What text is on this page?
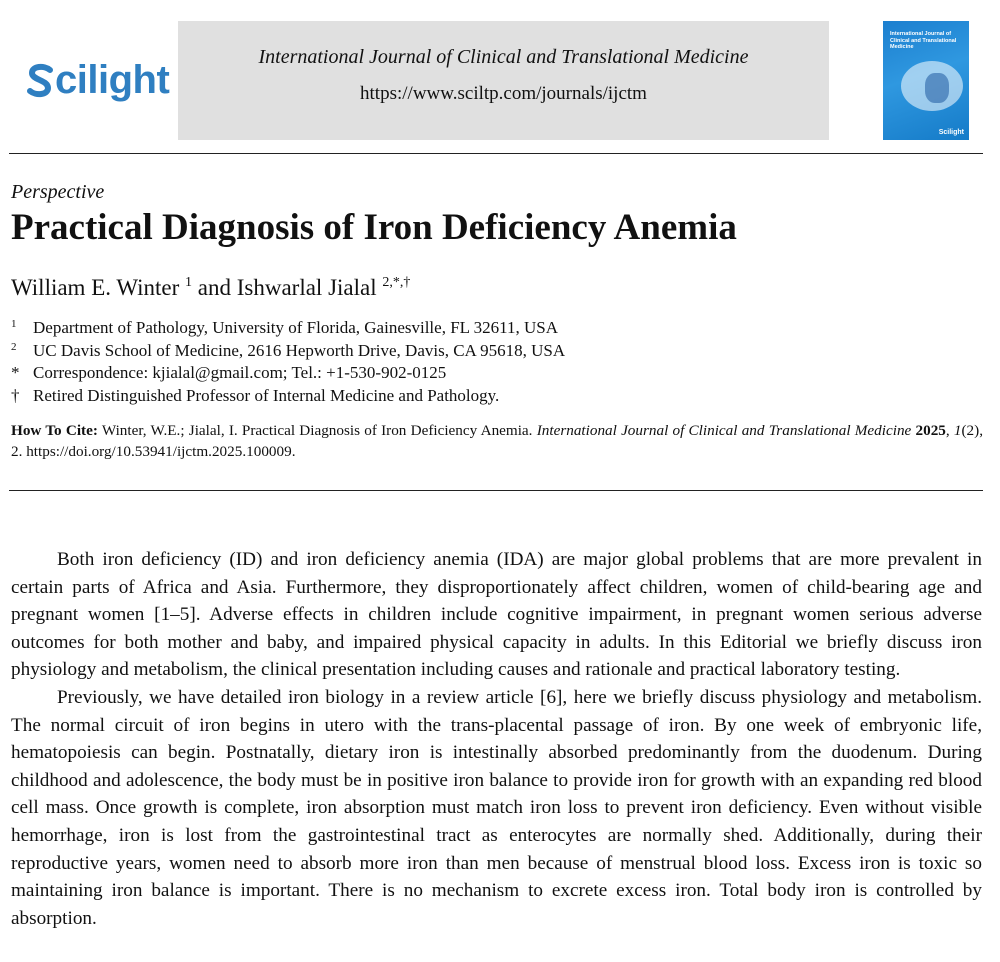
cilight
International Journal of Clinical and Translational Medicine
https://www.sciltp.com/journals/ijctm
International Journal of Clinical and Translational Medicine
Scilight
Perspective
Practical Diagnosis of Iron Deficiency Anemia
William E. Winter $^1$ and Ishwarlal Jialal $^{2,*,\dagger}$
1 Department of Pathology, University of Florida, Gainesville, FL 32611, USA
2 UC Davis School of Medicine, 2616 Hepworth Drive, Davis, CA 95618, USA
* Correspondence: kjialal@gmail.com; Tel.: +1-530-902-0125
† Retired Distinguished Professor of Internal Medicine and Pathology.
How To Cite: Winter, W.E.; Jialal, I. Practical Diagnosis of Iron Deficiency Anemia. International Journal of Clinical and Translational Medicine 2025, 1(2), 2. https://doi.org/10.53941/ijctm.2025.100009.

Both iron deficiency (ID) and iron deficiency anemia (IDA) are major global problems that are more prevalent in certain parts of Africa and Asia. Furthermore, they disproportionately affect children, women of child-bearing age and pregnant women [1–5]. Adverse effects in children include cognitive impairment, in pregnant women serious adverse outcomes for both mother and baby, and impaired physical capacity in adults. In this Editorial we briefly discuss iron physiology and metabolism, the clinical presentation including causes and rationale and practical laboratory testing.

Previously, we have detailed iron biology in a review article [6], here we briefly discuss physiology and metabolism. The normal circuit of iron begins in utero with the trans-placental passage of iron. By one week of embryonic life, hematopoiesis can begin. Postnatally, dietary iron is intestinally absorbed predominantly from the duodenum. During childhood and adolescence, the body must be in positive iron balance to provide iron for growth with an expanding red blood cell mass. Once growth is complete, iron absorption must match iron loss to prevent iron deficiency. Even without visible hemorrhage, iron is lost from the gastrointestinal tract as enterocytes are normally shed. Additionally, during their reproductive years, women need to absorb more iron than men because of menstrual blood loss. Excess iron is toxic so maintaining iron balance is important. There is no mechanism to excrete excess iron. Total body iron is controlled by absorption.
